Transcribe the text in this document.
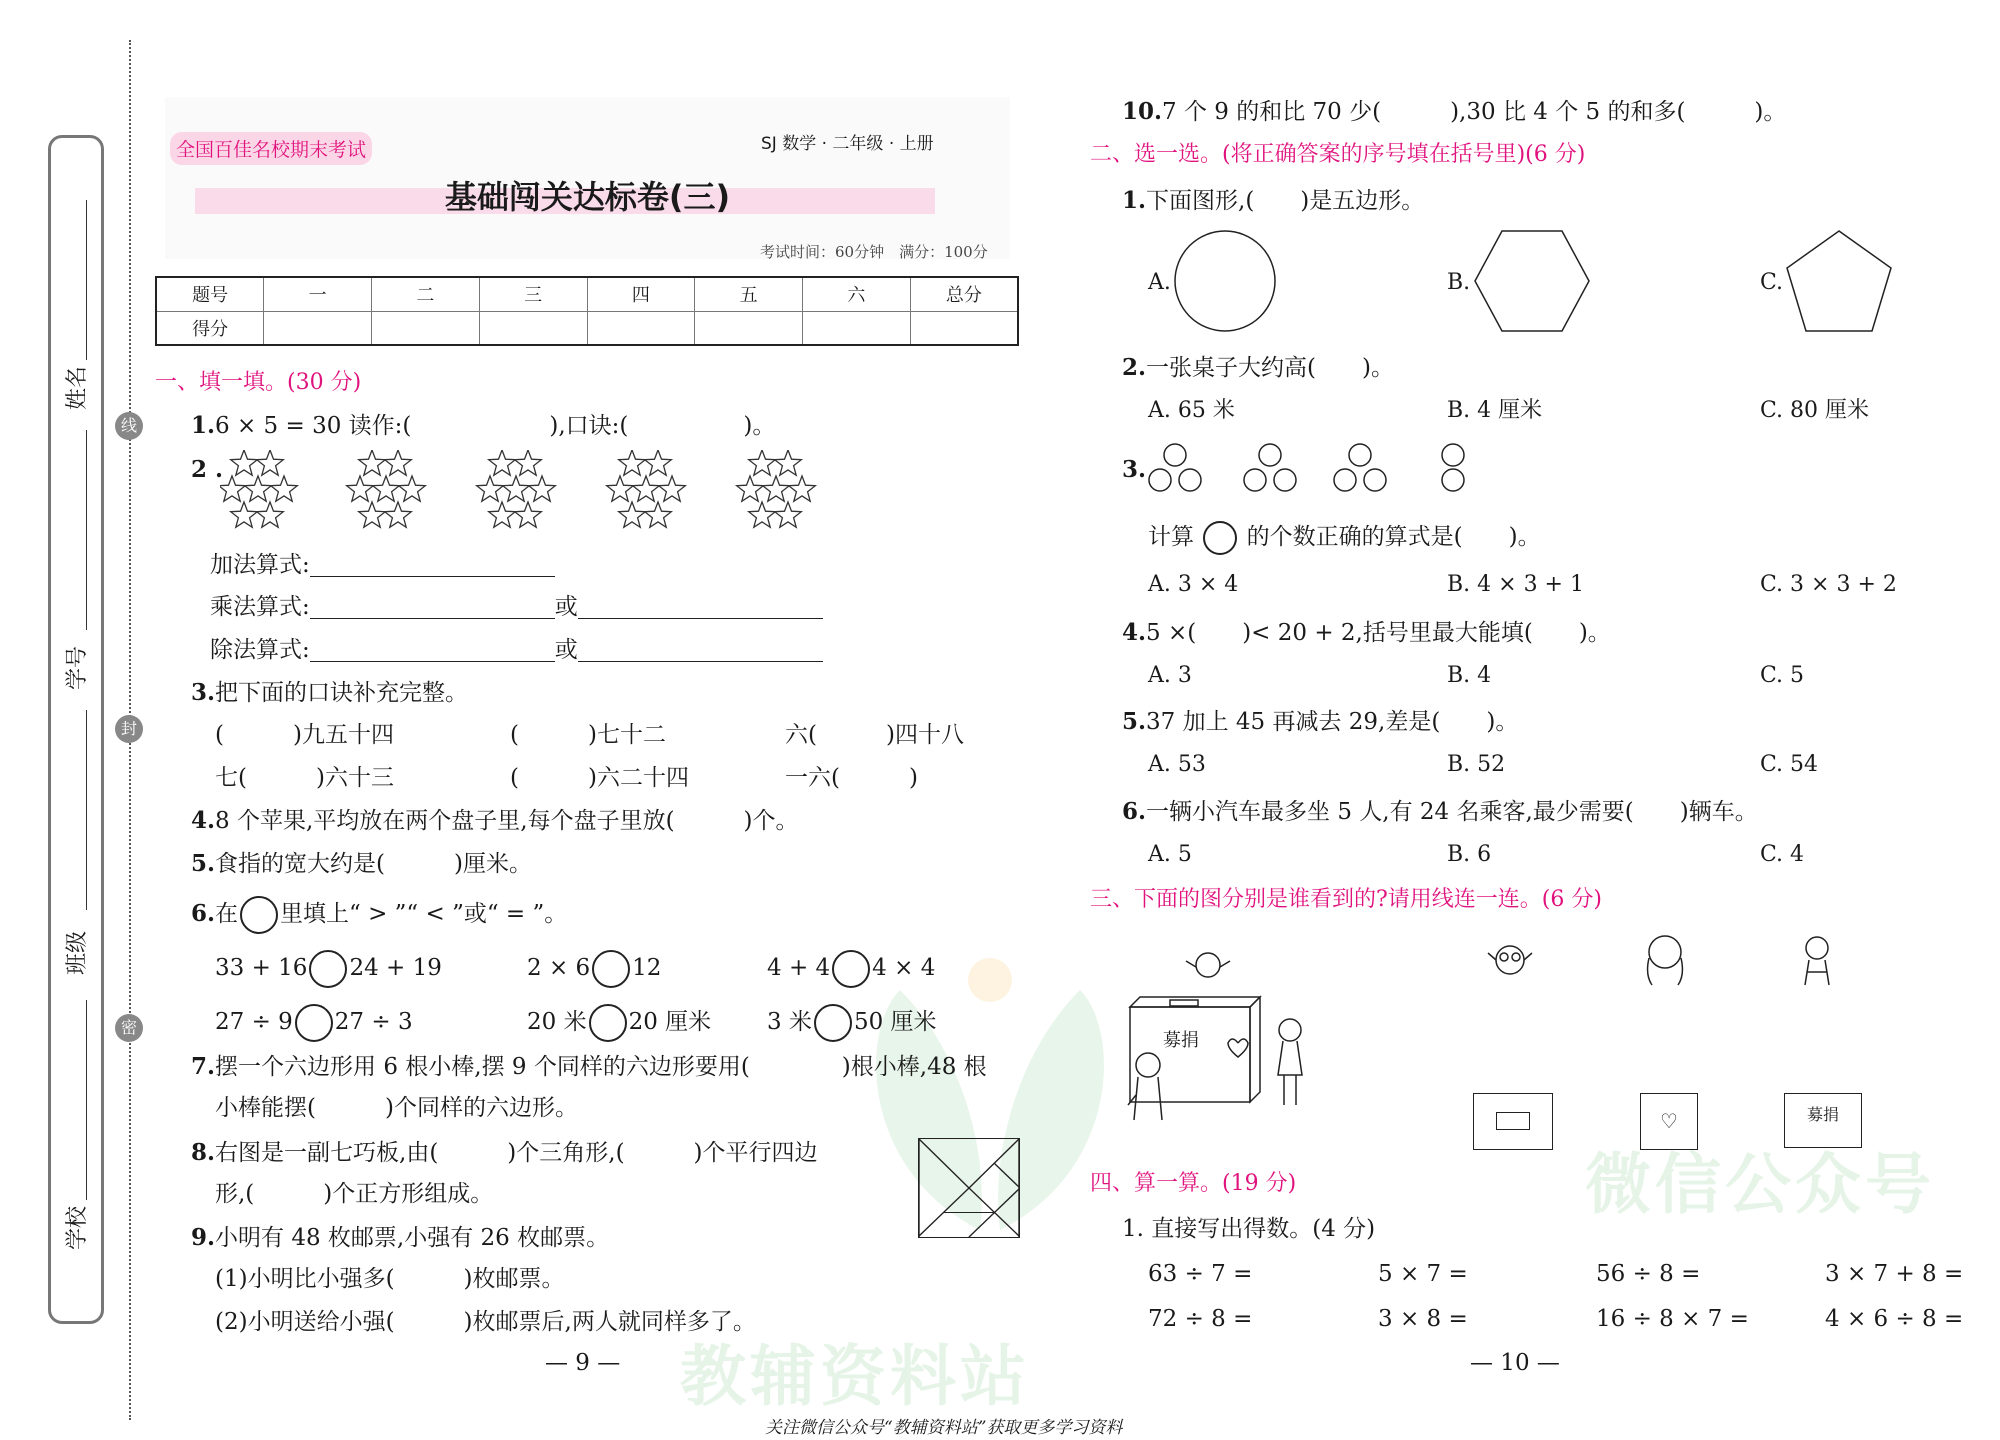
微信公众号
教辅资料站
姓名
学号
班级
学校
线
封
密
全国百佳名校期末考试	SJ 数学 · 二年级 · 上册
基础闯关达标卷(三)
考试时间：60分钟　满分：100分
题号	一	二	三	四	五	六	总分
得分							
一、填一填。(30 分)
1.6 × 5 = 30 读作:(　　　　　　),口诀:(　　　　　)。
2 .
加法算式:
乘法算式:	或
除法算式:	或
3.把下面的口诀补充完整。
(　　　)九五十四	(　　　)七十二	六(　　　)四十八
七(　　　)六十三	(　　　)六二十四	一六(　　　)
4.8 个苹果,平均放在两个盘子里,每个盘子里放(　　　)个。
5.食指的宽大约是(　　　)厘米。
6.在 里填上“ > ”“ < ”或“ = ”。
33 + 16 24 + 19	2 × 6 12	4 + 4 4 × 4
27 ÷ 9 27 ÷ 3	20 米 20 厘米 3 米 50 厘米
7.摆一个六边形用 6 根小棒,摆 9 个同样的六边形要用(　　　　)根小棒,48 根
小棒能摆(　　　)个同样的六边形。
8.右图是一副七巧板,由(　　　)个三角形,(　　　)个平行四边
形,(　　　)个正方形组成。
9.小明有 48 枚邮票,小强有 26 枚邮票。
(1)小明比小强多(　　　)枚邮票。
(2)小明送给小强(　　　)枚邮票后,两人就同样多了。
— 9 —
10.7 个 9 的和比 70 少(　　　),30 比 4 个 5 的和多(　　　)。
二、选一选。(将正确答案的序号填在括号里)(6 分)
1.下面图形,(　　)是五边形。
A.	B.	C.
2.一张桌子大约高(　　)。
A. 65 米	B. 4 厘米	C. 80 厘米
3.
计算 的个数正确的算式是(　　)。
A. 3 × 4	B. 4 × 3 + 1	C. 3 × 3 + 2
4.5 ×(　　)< 20 + 2,括号里最大能填(　　)。
A. 3	B. 4	C. 5
5.37 加上 45 再减去 29,差是(　　)。
A. 53	B. 52	C. 54
6.一辆小汽车最多坐 5 人,有 24 名乘客,最少需要(　　)辆车。
A. 5	B. 6	C. 4
三、下面的图分别是谁看到的?请用线连一连。(6 分)
募捐
♡	募捐
四、算一算。(19 分)
1. 直接写出得数。(4 分)
63 ÷ 7 =	5 × 7 =	56 ÷ 8 =	3 × 7 + 8 =
72 ÷ 8 =	3 × 8 =	16 ÷ 8 × 7 =	4 × 6 ÷ 8 =
— 10 —
关注微信公众号“教辅资料站”获取更多学习资料
